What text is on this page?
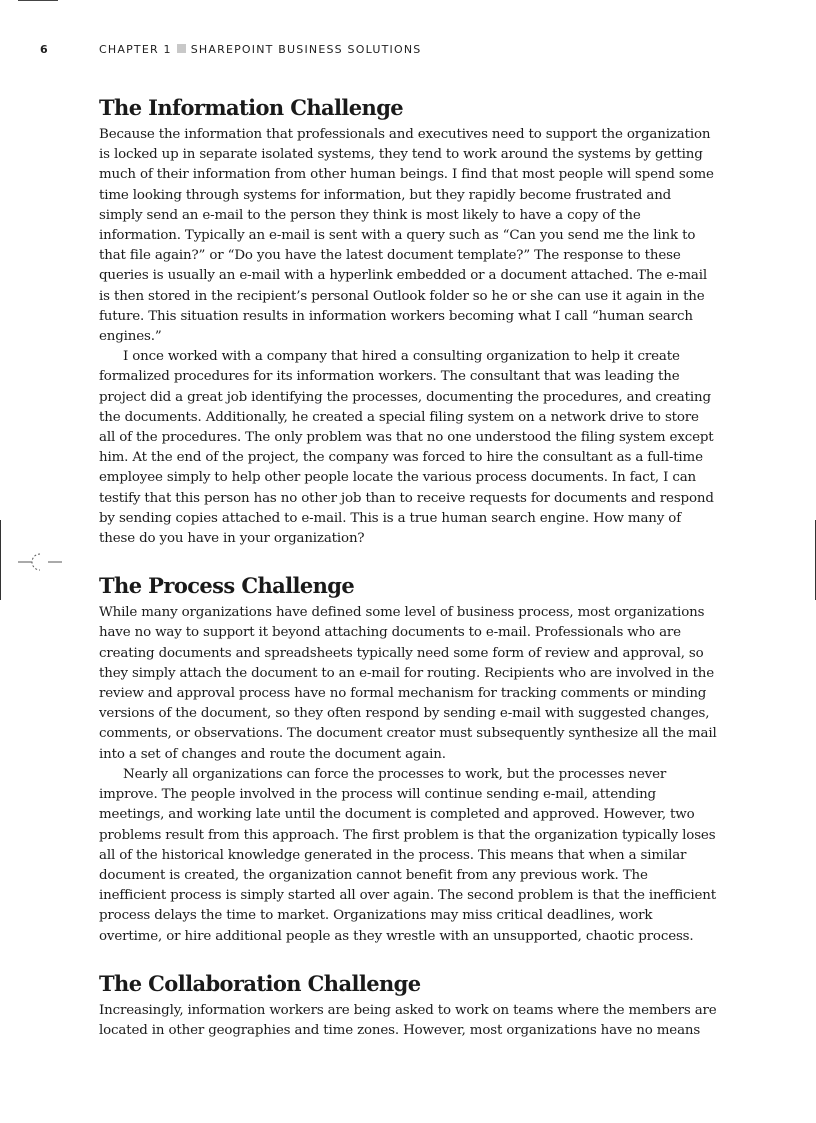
6	CHAPTER 1 SHAREPOINT BUSINESS SOLUTIONS
The Information Challenge

Because the information that professionals and executives need to support the organization is locked up in separate isolated systems, they tend to work around the systems by getting much of their information from other human beings. I find that most people will spend some time looking through systems for information, but they rapidly become frustrated and simply send an e-mail to the person they think is most likely to have a copy of the information. Typically an e-mail is sent with a query such as “Can you send me the link to that file again?” or “Do you have the latest document template?” The response to these queries is usually an e-mail with a hyperlink embedded or a document attached. The e-mail is then stored in the recipient’s personal Outlook folder so he or she can use it again in the future. This situation results in information workers becoming what I call “human search engines.”

I once worked with a company that hired a consulting organization to help it create formalized procedures for its information workers. The consultant that was leading the project did a great job identifying the processes, documenting the procedures, and creating the documents. Additionally, he created a special filing system on a network drive to store all of the procedures. The only problem was that no one understood the filing system except him. At the end of the project, the company was forced to hire the consultant as a full-time employee simply to help other people locate the various process documents. In fact, I can testify that this person has no other job than to receive requests for documents and respond by sending copies attached to e-mail. This is a true human search engine. How many of these do you have in your organization?

The Process Challenge

While many organizations have defined some level of business process, most organizations have no way to support it beyond attaching documents to e-mail. Professionals who are creating documents and spreadsheets typically need some form of review and approval, so they simply attach the document to an e-mail for routing. Recipients who are involved in the review and approval process have no formal mechanism for tracking comments or minding versions of the document, so they often respond by sending e-mail with suggested changes, comments, or observations. The document creator must subsequently synthesize all the mail into a set of changes and route the document again.

Nearly all organizations can force the processes to work, but the processes never improve. The people involved in the process will continue sending e-mail, attending meetings, and working late until the document is completed and approved. However, two problems result from this approach. The first problem is that the organization typically loses all of the historical knowledge generated in the process. This means that when a similar document is created, the organization cannot benefit from any previous work. The inefficient process is simply started all over again. The second problem is that the inefficient process delays the time to market. Organizations may miss critical deadlines, work overtime, or hire additional people as they wrestle with an unsupported, chaotic process.

The Collaboration Challenge

Increasingly, information workers are being asked to work on teams where the members are located in other geographies and time zones. However, most organizations have no means
